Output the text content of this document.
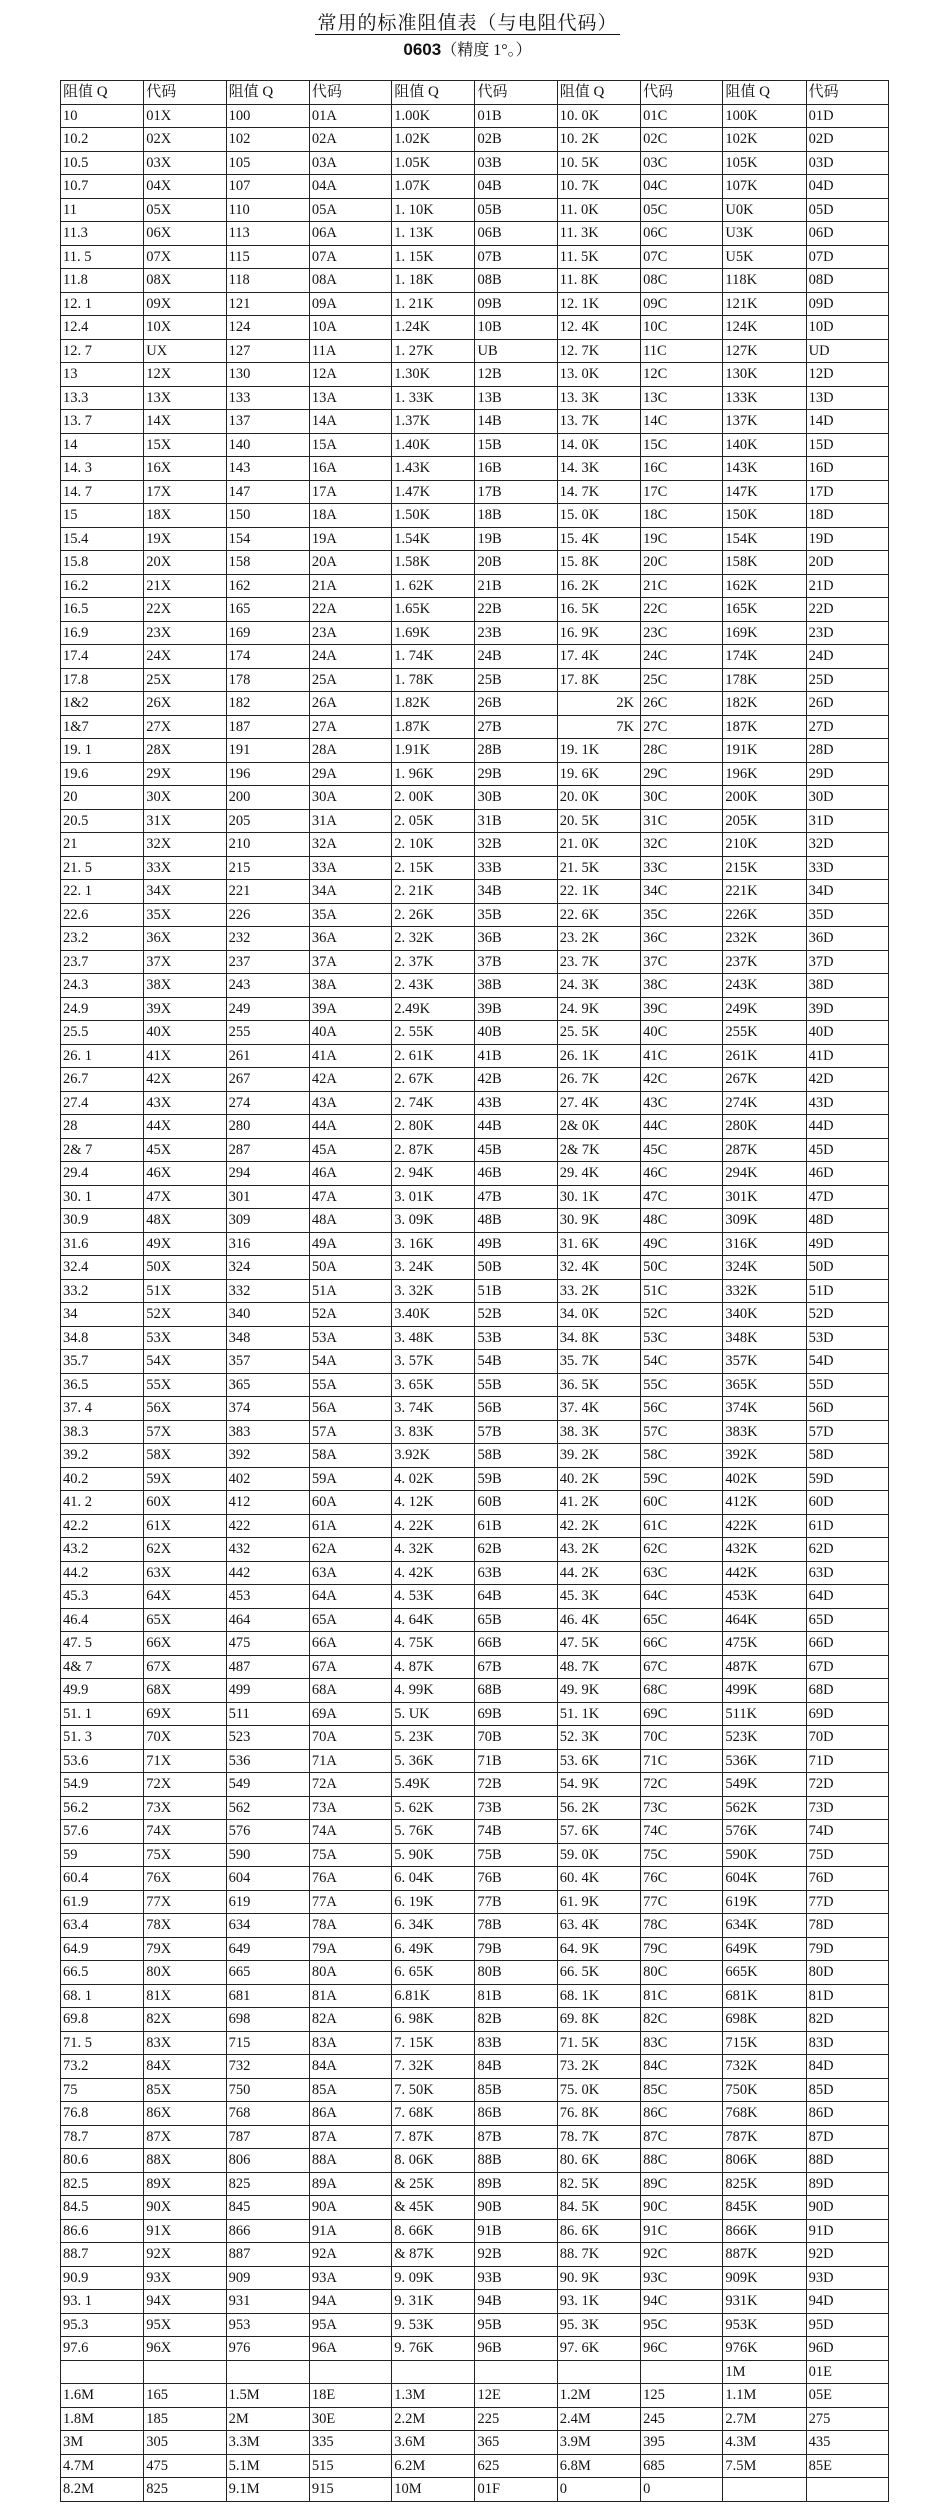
常用的标准阻值表（与电阻代码）
0603（精度 1°。）
阻值 Q	代码	阻值 Q	代码	阻值 Q	代码	阻值 Q	代码	阻值 Q	代码
10	01X	100	01A	1.00K	01B	10. 0K	01C	100K	01D
10.2	02X	102	02A	1.02K	02B	10. 2K	02C	102K	02D
10.5	03X	105	03A	1.05K	03B	10. 5K	03C	105K	03D
10.7	04X	107	04A	1.07K	04B	10. 7K	04C	107K	04D
11	05X	110	05A	1. 10K	05B	11. 0K	05C	U0K	05D
11.3	06X	113	06A	1. 13K	06B	11. 3K	06C	U3K	06D
11. 5	07X	115	07A	1. 15K	07B	11. 5K	07C	U5K	07D
11.8	08X	118	08A	1. 18K	08B	11. 8K	08C	118K	08D
12. 1	09X	121	09A	1. 21K	09B	12. 1K	09C	121K	09D
12.4	10X	124	10A	1.24K	10B	12. 4K	10C	124K	10D
12. 7	UX	127	11A	1. 27K	UB	12. 7K	11C	127K	UD
13	12X	130	12A	1.30K	12B	13. 0K	12C	130K	12D
13.3	13X	133	13A	1. 33K	13B	13. 3K	13C	133K	13D
13. 7	14X	137	14A	1.37K	14B	13. 7K	14C	137K	14D
14	15X	140	15A	1.40K	15B	14. 0K	15C	140K	15D
14. 3	16X	143	16A	1.43K	16B	14. 3K	16C	143K	16D
14. 7	17X	147	17A	1.47K	17B	14. 7K	17C	147K	17D
15	18X	150	18A	1.50K	18B	15. 0K	18C	150K	18D
15.4	19X	154	19A	1.54K	19B	15. 4K	19C	154K	19D
15.8	20X	158	20A	1.58K	20B	15. 8K	20C	158K	20D
16.2	21X	162	21A	1. 62K	21B	16. 2K	21C	162K	21D
16.5	22X	165	22A	1.65K	22B	16. 5K	22C	165K	22D
16.9	23X	169	23A	1.69K	23B	16. 9K	23C	169K	23D
17.4	24X	174	24A	1. 74K	24B	17. 4K	24C	174K	24D
17.8	25X	178	25A	1. 78K	25B	17. 8K	25C	178K	25D
1&2	26X	182	26A	1.82K	26B	2K	26C	182K	26D
1&7	27X	187	27A	1.87K	27B	7K	27C	187K	27D
19. 1	28X	191	28A	1.91K	28B	19. 1K	28C	191K	28D
19.6	29X	196	29A	1. 96K	29B	19. 6K	29C	196K	29D
20	30X	200	30A	2. 00K	30B	20. 0K	30C	200K	30D
20.5	31X	205	31A	2. 05K	31B	20. 5K	31C	205K	31D
21	32X	210	32A	2. 10K	32B	21. 0K	32C	210K	32D
21. 5	33X	215	33A	2. 15K	33B	21. 5K	33C	215K	33D
22. 1	34X	221	34A	2. 21K	34B	22. 1K	34C	221K	34D
22.6	35X	226	35A	2. 26K	35B	22. 6K	35C	226K	35D
23.2	36X	232	36A	2. 32K	36B	23. 2K	36C	232K	36D
23.7	37X	237	37A	2. 37K	37B	23. 7K	37C	237K	37D
24.3	38X	243	38A	2. 43K	38B	24. 3K	38C	243K	38D
24.9	39X	249	39A	2.49K	39B	24. 9K	39C	249K	39D
25.5	40X	255	40A	2. 55K	40B	25. 5K	40C	255K	40D
26. 1	41X	261	41A	2. 61K	41B	26. 1K	41C	261K	41D
26.7	42X	267	42A	2. 67K	42B	26. 7K	42C	267K	42D
27.4	43X	274	43A	2. 74K	43B	27. 4K	43C	274K	43D
28	44X	280	44A	2. 80K	44B	2& 0K	44C	280K	44D
2& 7	45X	287	45A	2. 87K	45B	2& 7K	45C	287K	45D
29.4	46X	294	46A	2. 94K	46B	29. 4K	46C	294K	46D
30. 1	47X	301	47A	3. 01K	47B	30. 1K	47C	301K	47D
30.9	48X	309	48A	3. 09K	48B	30. 9K	48C	309K	48D
31.6	49X	316	49A	3. 16K	49B	31. 6K	49C	316K	49D
32.4	50X	324	50A	3. 24K	50B	32. 4K	50C	324K	50D
33.2	51X	332	51A	3. 32K	51B	33. 2K	51C	332K	51D
34	52X	340	52A	3.40K	52B	34. 0K	52C	340K	52D
34.8	53X	348	53A	3. 48K	53B	34. 8K	53C	348K	53D
35.7	54X	357	54A	3. 57K	54B	35. 7K	54C	357K	54D
36.5	55X	365	55A	3. 65K	55B	36. 5K	55C	365K	55D
37. 4	56X	374	56A	3. 74K	56B	37. 4K	56C	374K	56D
38.3	57X	383	57A	3. 83K	57B	38. 3K	57C	383K	57D
39.2	58X	392	58A	3.92K	58B	39. 2K	58C	392K	58D
40.2	59X	402	59A	4. 02K	59B	40. 2K	59C	402K	59D
41. 2	60X	412	60A	4. 12K	60B	41. 2K	60C	412K	60D
42.2	61X	422	61A	4. 22K	61B	42. 2K	61C	422K	61D
43.2	62X	432	62A	4. 32K	62B	43. 2K	62C	432K	62D
44.2	63X	442	63A	4. 42K	63B	44. 2K	63C	442K	63D
45.3	64X	453	64A	4. 53K	64B	45. 3K	64C	453K	64D
46.4	65X	464	65A	4. 64K	65B	46. 4K	65C	464K	65D
47. 5	66X	475	66A	4. 75K	66B	47. 5K	66C	475K	66D
4& 7	67X	487	67A	4. 87K	67B	48. 7K	67C	487K	67D
49.9	68X	499	68A	4. 99K	68B	49. 9K	68C	499K	68D
51. 1	69X	511	69A	5. UK	69B	51. 1K	69C	511K	69D
51. 3	70X	523	70A	5. 23K	70B	52. 3K	70C	523K	70D
53.6	71X	536	71A	5. 36K	71B	53. 6K	71C	536K	71D
54.9	72X	549	72A	5.49K	72B	54. 9K	72C	549K	72D
56.2	73X	562	73A	5. 62K	73B	56. 2K	73C	562K	73D
57.6	74X	576	74A	5. 76K	74B	57. 6K	74C	576K	74D
59	75X	590	75A	5. 90K	75B	59. 0K	75C	590K	75D
60.4	76X	604	76A	6. 04K	76B	60. 4K	76C	604K	76D
61.9	77X	619	77A	6. 19K	77B	61. 9K	77C	619K	77D
63.4	78X	634	78A	6. 34K	78B	63. 4K	78C	634K	78D
64.9	79X	649	79A	6. 49K	79B	64. 9K	79C	649K	79D
66.5	80X	665	80A	6. 65K	80B	66. 5K	80C	665K	80D
68. 1	81X	681	81A	6.81K	81B	68. 1K	81C	681K	81D
69.8	82X	698	82A	6. 98K	82B	69. 8K	82C	698K	82D
71. 5	83X	715	83A	7. 15K	83B	71. 5K	83C	715K	83D
73.2	84X	732	84A	7. 32K	84B	73. 2K	84C	732K	84D
75	85X	750	85A	7. 50K	85B	75. 0K	85C	750K	85D
76.8	86X	768	86A	7. 68K	86B	76. 8K	86C	768K	86D
78.7	87X	787	87A	7. 87K	87B	78. 7K	87C	787K	87D
80.6	88X	806	88A	8. 06K	88B	80. 6K	88C	806K	88D
82.5	89X	825	89A	& 25K	89B	82. 5K	89C	825K	89D
84.5	90X	845	90A	& 45K	90B	84. 5K	90C	845K	90D
86.6	91X	866	91A	8. 66K	91B	86. 6K	91C	866K	91D
88.7	92X	887	92A	& 87K	92B	88. 7K	92C	887K	92D
90.9	93X	909	93A	9. 09K	93B	90. 9K	93C	909K	93D
93. 1	94X	931	94A	9. 31K	94B	93. 1K	94C	931K	94D
95.3	95X	953	95A	9. 53K	95B	95. 3K	95C	953K	95D
97.6	96X	976	96A	9. 76K	96B	97. 6K	96C	976K	96D
								1M	01E
1.6M	165	1.5M	18E	1.3M	12E	1.2M	125	1.1M	05E
1.8M	185	2M	30E	2.2M	225	2.4M	245	2.7M	275
3M	305	3.3M	335	3.6M	365	3.9M	395	4.3M	435
4.7M	475	5.1M	515	6.2M	625	6.8M	685	7.5M	85E
8.2M	825	9.1M	915	10M	01F	0	0		
